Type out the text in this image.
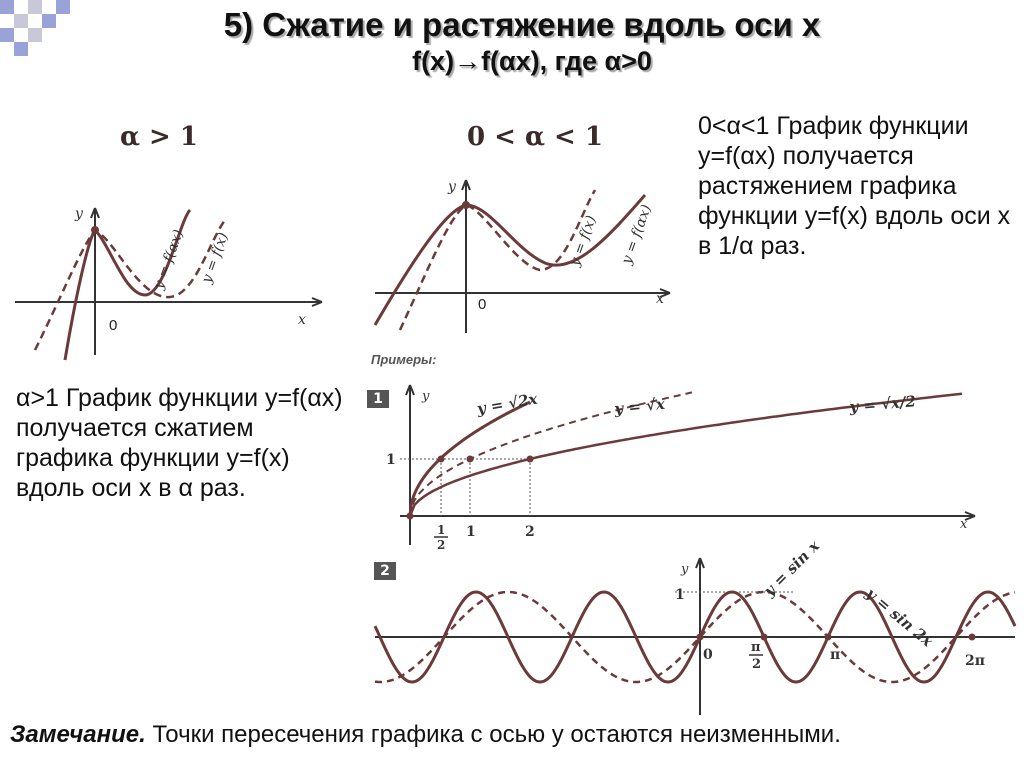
5) Сжатие и растяжение вдоль оси x
f(x)→f(αx), где α>0
α > 1
y
x
y = f(αx) y = f(x)
0
0 < α < 1
y
x
y = f(x) y = f(αx)
0
0<α<1 График функции y=f(αx) получается растяжением графика функции y=f(x) вдоль оси x в 1/α раз.
α>1 График функции y=f(αx) получается сжатием графика функции y=f(x) вдоль оси x в α раз.
Примеры:
1	y
x
1
1
2
1	2
y = √2x	y = √x	y = √x/2
2	y
1
0	π
2
π	2π
y = sin x
y = sin 2x
Замечание. Точки пересечения графика с осью у остаются неизменными.
